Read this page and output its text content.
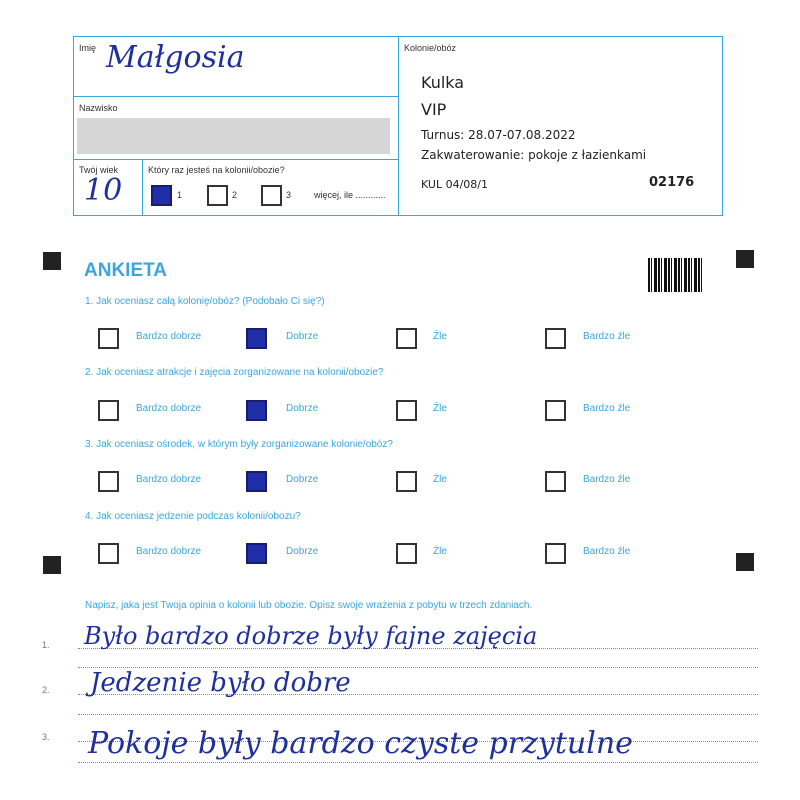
Imię Małgosia
Nazwisko
Twój wiek
10
Który raz jesteś na kolonii/obozie?
1	2	3	więcej, ile ............
Kolonie/obóz
Kulka
VIP
Turnus: 28.07-07.08.2022
Zakwaterowanie: pokoje z łazienkami
KUL 04/08/1	02176
ANKIETA
1. Jak oceniasz całą kolonię/obóz? (Podobało Ci się?)
2. Jak oceniasz atrakcje i zajęcia zorganizowane na kolonii/obozie?
3. Jak oceniasz ośrodek, w którym były zorganizowane kolonie/obóz?
4. Jak oceniasz jedzenie podczas kolonii/obozu?
Bardzo dobrze	Dobrze	Źle	Bardzo źle
Bardzo dobrze	Dobrze	Źle	Bardzo źle
Bardzo dobrze	Dobrze	Źle	Bardzo źle
Bardzo dobrze	Dobrze	Źle	Bardzo źle
Napisz, jaka jest Twoja opinia o kolonii lub obozie. Opisz swoje wrażenia z pobytu w trzech zdaniach.
1.
2.
3.
Było bardzo dobrze były fajne zajęcia
Jedzenie było dobre
Pokoje były bardzo czyste przytulne
